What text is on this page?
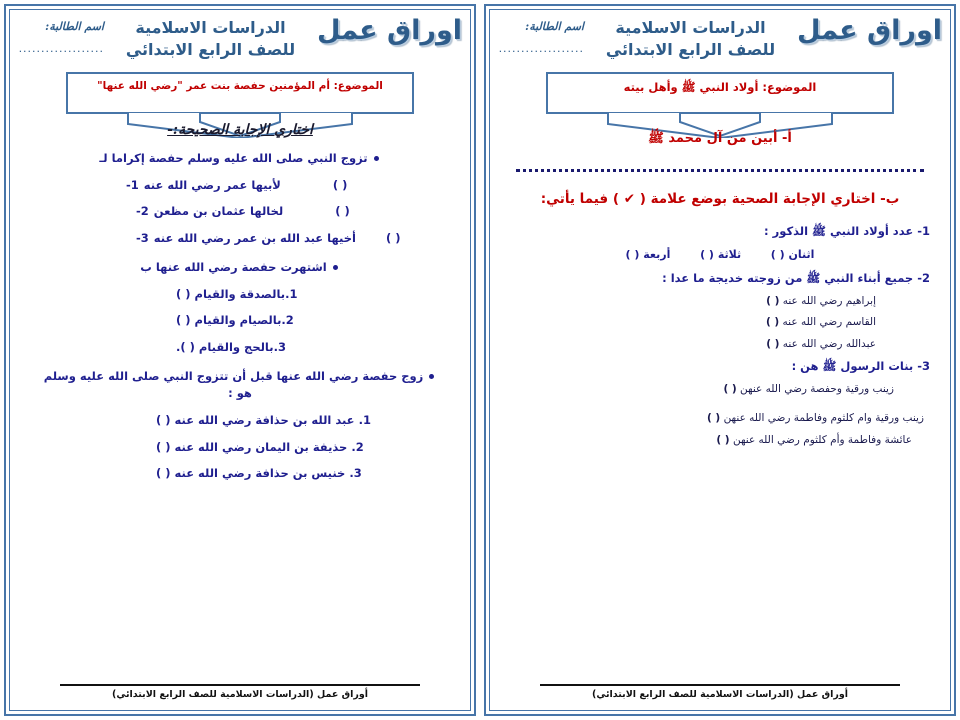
اوراق عمل
الدراسات الاسلامية
للصف الرابع الابتدائي
اسم الطالبة:
...................
الموضوع: أم المؤمنين حفصة بنت عمر "رضي الله عنها"
اختاري الإجابة الصحيحة:-
تزوج النبي صلى الله عليه وسلم حفصة إكراما لـ
( )
لأبيها عمر رضي الله عنه
1-
( )
لخالها عثمان بن مظعن
2-
( )
أخيها عبد الله بن عمر رضي الله عنه
3-
اشتهرت حفصة رضي الله عنها ب
1.بالصدقة والقيام ( )
2.بالصيام والقيام ( )
3.بالحج والقيام ( ).
زوج حفصة رضي الله عنها قبل أن تتزوج النبي صلى الله عليه وسلم هو :
1. عبد الله بن حذافة رضي الله عنه ( )
2. حذيفة بن اليمان رضي الله عنه ( )
3. خنيس بن حذافة رضي الله عنه ( )
أوراق عمل (الدراسات الاسلامية للصف الرابع الابتدائي)
اوراق عمل
الدراسات الاسلامية
للصف الرابع الابتدائي
اسم الطالبة:
...................
الموضوع: أولاد النبي ﷺ وأهل بيته
أ- أبين من آل محمد ﷺ
ب- اختاري الإجابة الصحية بوضع علامة ( ✔ ) فيما يأتي:
1- عدد أولاد النبي ﷺ الذكور :
اثنان ( )  ثلاثة ( )  أربعة ( )
2- جميع أبناء النبي ﷺ من زوجته خديجة ما عدا :
إبراهيم رضي الله عنه ( )
القاسم رضي الله عنه ( )
عبدالله رضي الله عنه ( )
3- بنات الرسول ﷺ هن :
زينب ورقية وحفصة رضي الله عنهن ( )
زينب ورقية وام كلثوم وفاطمة رضي الله عنهن ( )
عائشة وفاطمة وأم كلثوم رضي الله عنهن ( )
أوراق عمل (الدراسات الاسلامية للصف الرابع الابتدائي)
